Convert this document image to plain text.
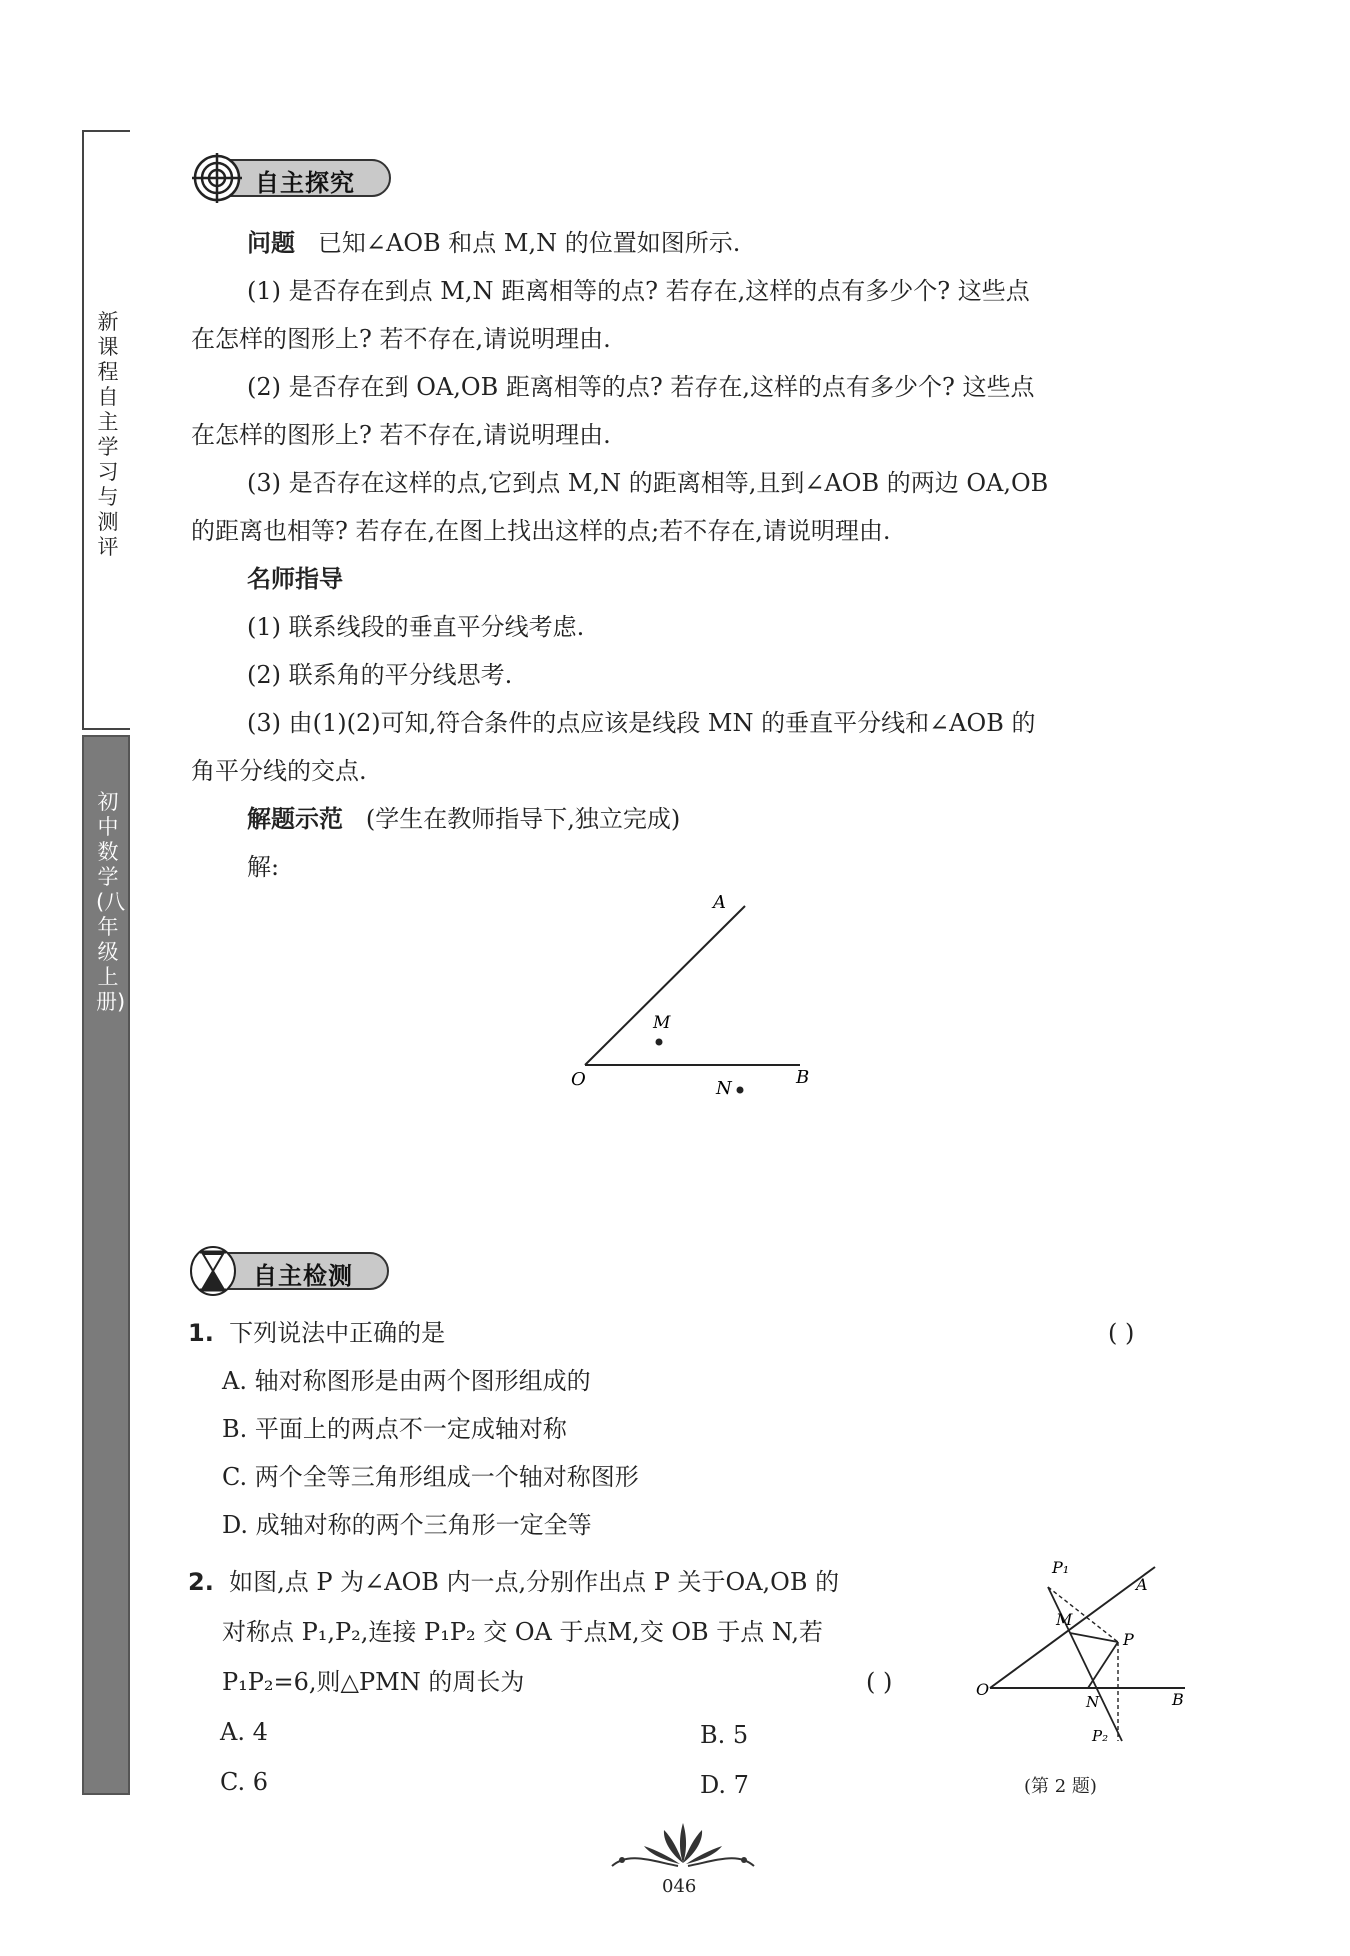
新课程自主学习与测评
初中数学(八年级上册)
自主探究
问题 已知∠AOB 和点 M,N 的位置如图所示.
(1) 是否存在到点 M,N 距离相等的点? 若存在,这样的点有多少个? 这些点
在怎样的图形上? 若不存在,请说明理由.
(2) 是否存在到 OA,OB 距离相等的点? 若存在,这样的点有多少个? 这些点
在怎样的图形上? 若不存在,请说明理由.
(3) 是否存在这样的点,它到点 M,N 的距离相等,且到∠AOB 的两边 OA,OB
的距离也相等? 若存在,在图上找出这样的点;若不存在,请说明理由.
名师指导
(1) 联系线段的垂直平分线考虑.
(2) 联系角的平分线思考.
(3) 由(1)(2)可知,符合条件的点应该是线段 MN 的垂直平分线和∠AOB 的
角平分线的交点.
解题示范 (学生在教师指导下,独立完成)
解:
A
M
O	N
B
自主检测
1. 下列说法中正确的是	( )
A. 轴对称图形是由两个图形组成的
B. 平面上的两点不一定成轴对称
C. 两个全等三角形组成一个轴对称图形
D. 成轴对称的两个三角形一定全等
2. 如图,点 P 为∠AOB 内一点,分别作出点 P 关于OA,OB 的
对称点 P₁,P₂,连接 P₁P₂ 交 OA 于点M,交 OB 于点 N,若
P₁P₂=6,则△PMN 的周长为	( )
A. 4	B. 5
C. 6	D. 7
P₁
A
M
P
O
N	B
P₂
(第 2 题)
046
